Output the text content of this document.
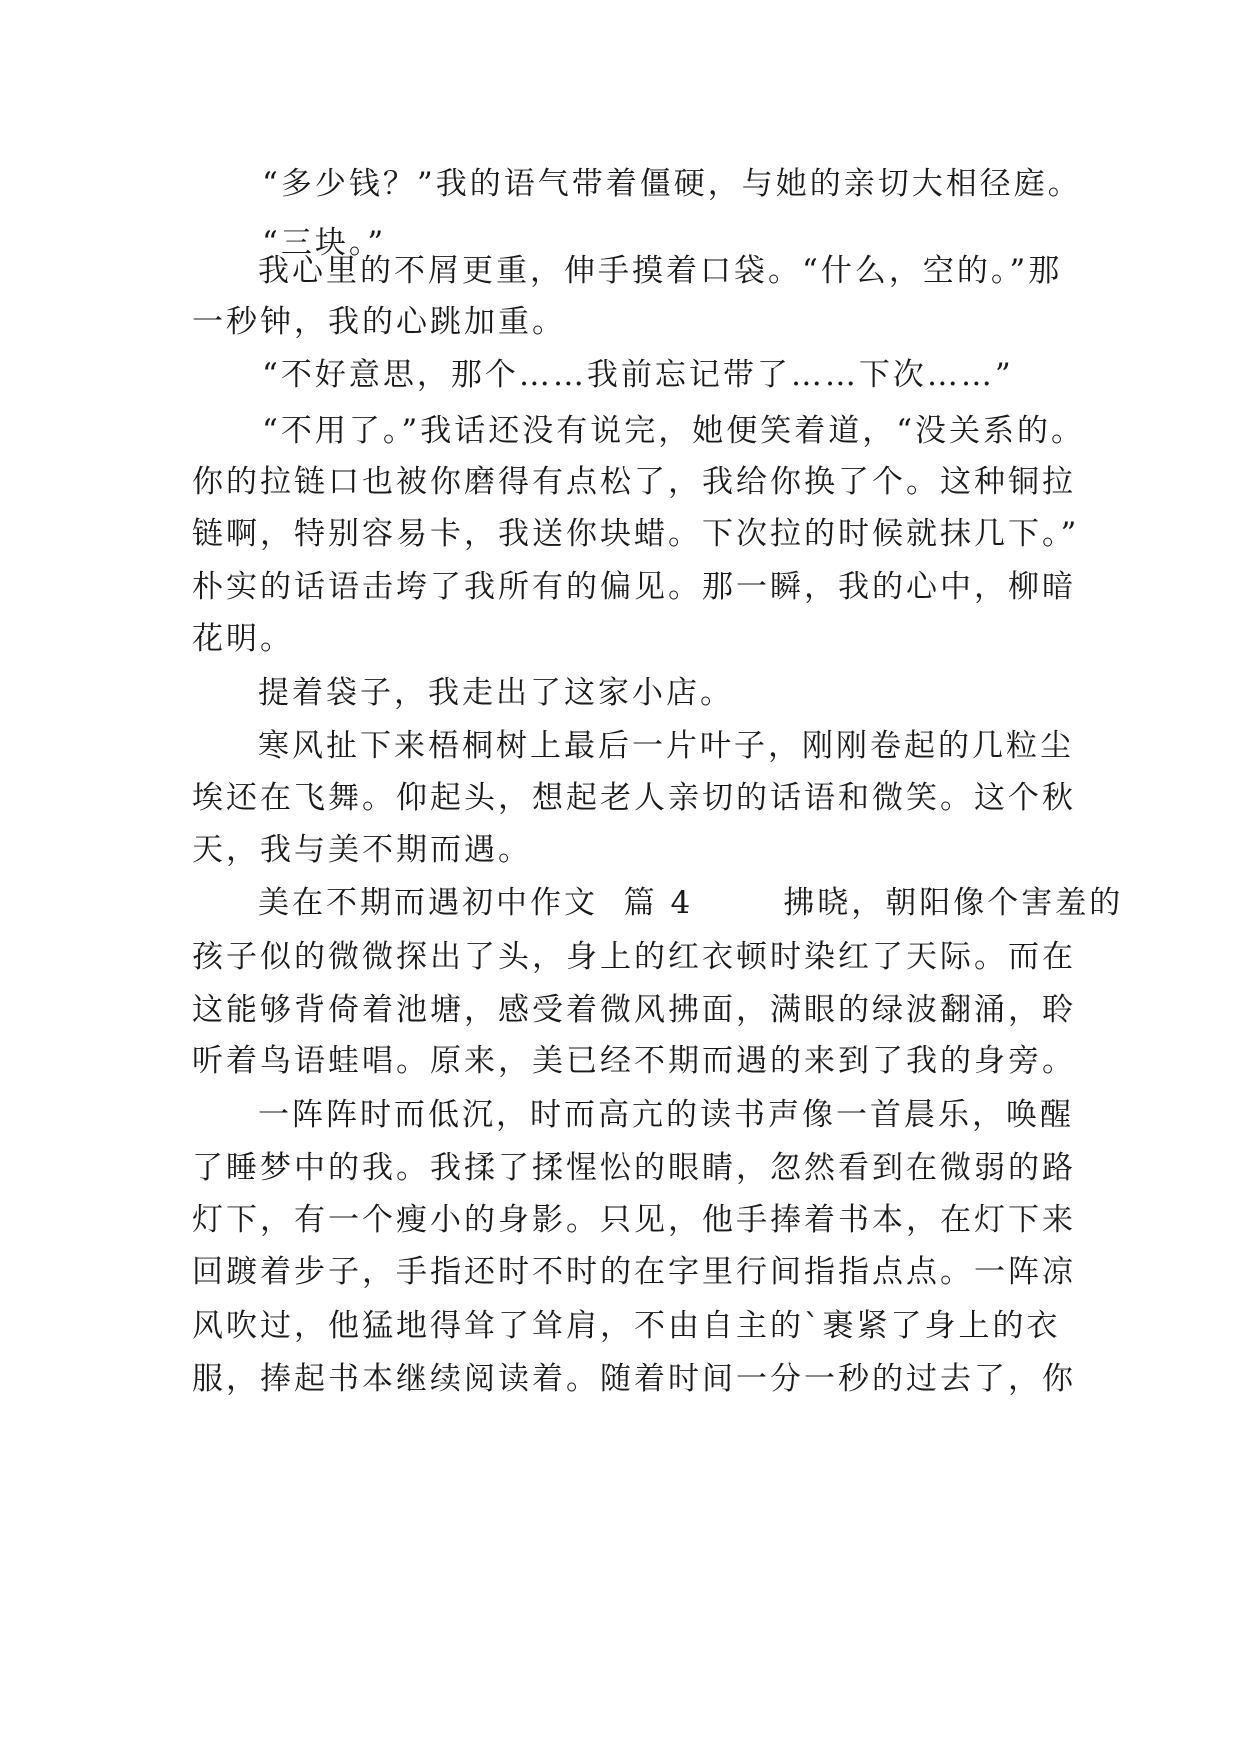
“多少钱？”我的语气带着僵硬，与她的亲切大相径庭。
“三块。”
我心里的不屑更重，伸手摸着口袋。“什么，空的。”那
一秒钟，我的心跳加重。
“不好意思，那个……我前忘记带了……下次……”
“不用了。”我话还没有说完，她便笑着道，“没关系的。
你的拉链口也被你磨得有点松了，我给你换了个。这种铜拉
链啊，特别容易卡，我送你块蜡。下次拉的时候就抹几下。”
朴实的话语击垮了我所有的偏见。那一瞬，我的心中，柳暗
花明。
提着袋子，我走出了这家小店。
寒风扯下来梧桐树上最后一片叶子，刚刚卷起的几粒尘
埃还在飞舞。仰起头，想起老人亲切的话语和微笑。这个秋
天，我与美不期而遇。
美在不期而遇初中作文  篇 4       拂晓，朝阳像个害羞的
孩子似的微微探出了头，身上的红衣顿时染红了天际。而在
这能够背倚着池塘，感受着微风拂面，满眼的绿波翻涌，聆
听着鸟语蛙唱。原来，美已经不期而遇的来到了我的身旁。
一阵阵时而低沉，时而高亢的读书声像一首晨乐，唤醒
了睡梦中的我。我揉了揉惺忪的眼睛，忽然看到在微弱的路
灯下，有一个瘦小的身影。只见，他手捧着书本，在灯下来
回踱着步子，手指还时不时的在字里行间指指点点。一阵凉
风吹过，他猛地得耸了耸肩，不由自主的`裹紧了身上的衣
服，捧起书本继续阅读着。随着时间一分一秒的过去了，你
